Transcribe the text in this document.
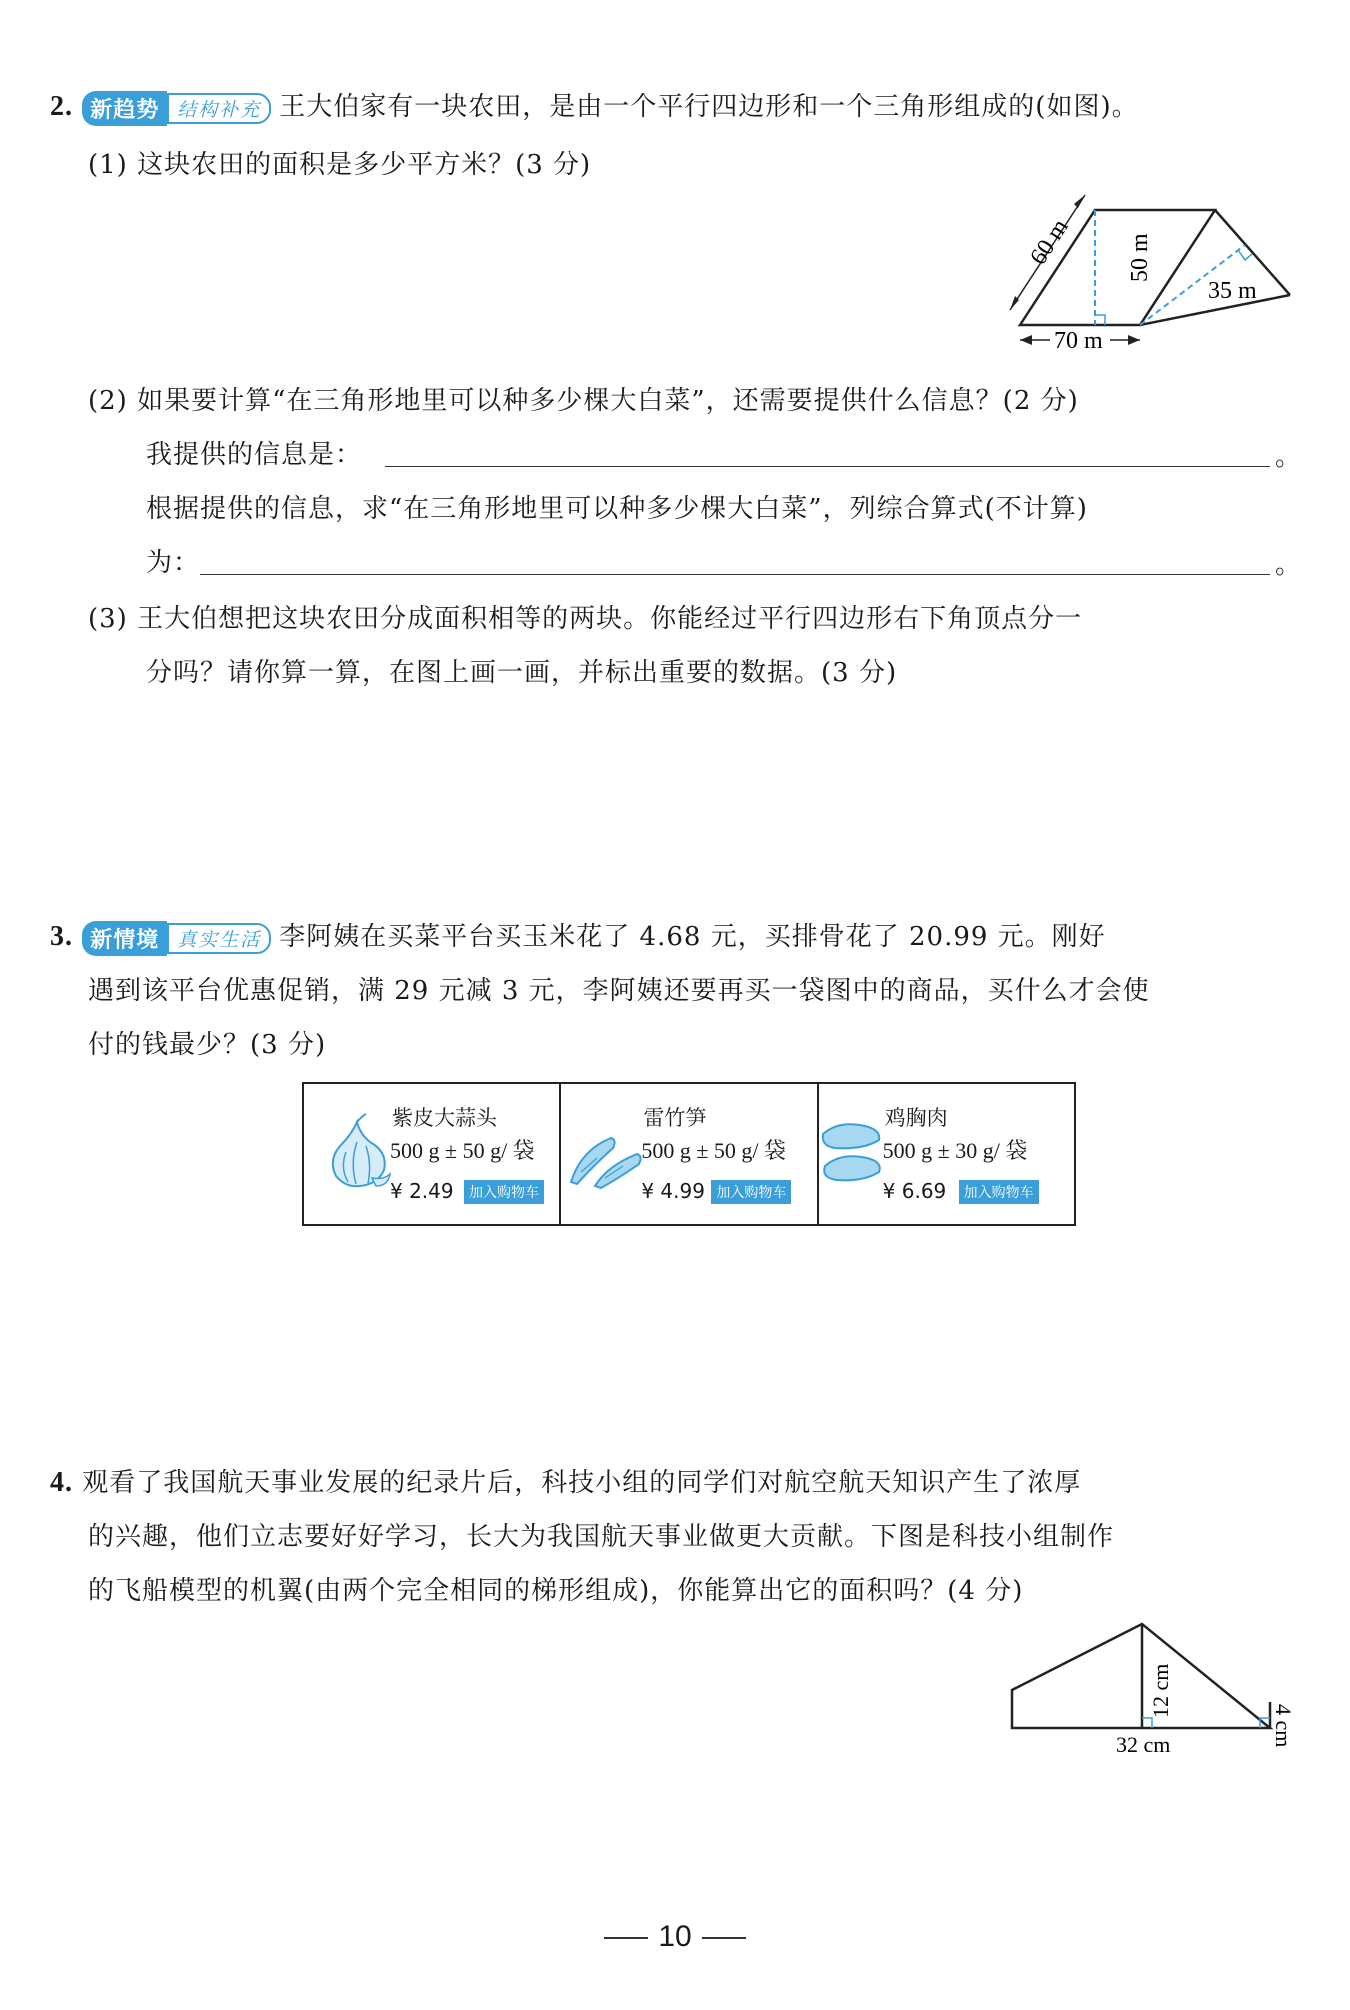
2. 新趋势 结构补充 王大伯家有一块农田，是由一个平行四边形和一个三角形组成的(如图)。
(1) 这块农田的面积是多少平方米？(3 分)
60 m 50 m
70 m
35 m
(2) 如果要计算“在三角形地里可以种多少棵大白菜”，还需要提供什么信息？(2 分)
我提供的信息是：	。
根据提供的信息，求“在三角形地里可以种多少棵大白菜”，列综合算式(不计算)
为：	。
(3) 王大伯想把这块农田分成面积相等的两块。你能经过平行四边形右下角顶点分一
分吗？请你算一算，在图上画一画，并标出重要的数据。(3 分)
3. 新情境 真实生活 李阿姨在买菜平台买玉米花了 4.68 元，买排骨花了 20.99 元。刚好
遇到该平台优惠促销，满 29 元减 3 元，李阿姨还要再买一袋图中的商品，买什么才会使
付的钱最少？(3 分)
紫皮大蒜头
500 g ± 50 g/ 袋
¥ 2.49	加入购物车
雷竹笋
500 g ± 50 g/ 袋
¥ 4.99 加入购物车
鸡胸肉
500 g ± 30 g/ 袋
¥ 6.69	加入购物车
4. 观看了我国航天事业发展的纪录片后，科技小组的同学们对航空航天知识产生了浓厚
的兴趣，他们立志要好好学习，长大为我国航天事业做更大贡献。下图是科技小组制作
的飞船模型的机翼(由两个完全相同的梯形组成)，你能算出它的面积吗？(4 分)
12 cm
32 cm	4 cm
10
